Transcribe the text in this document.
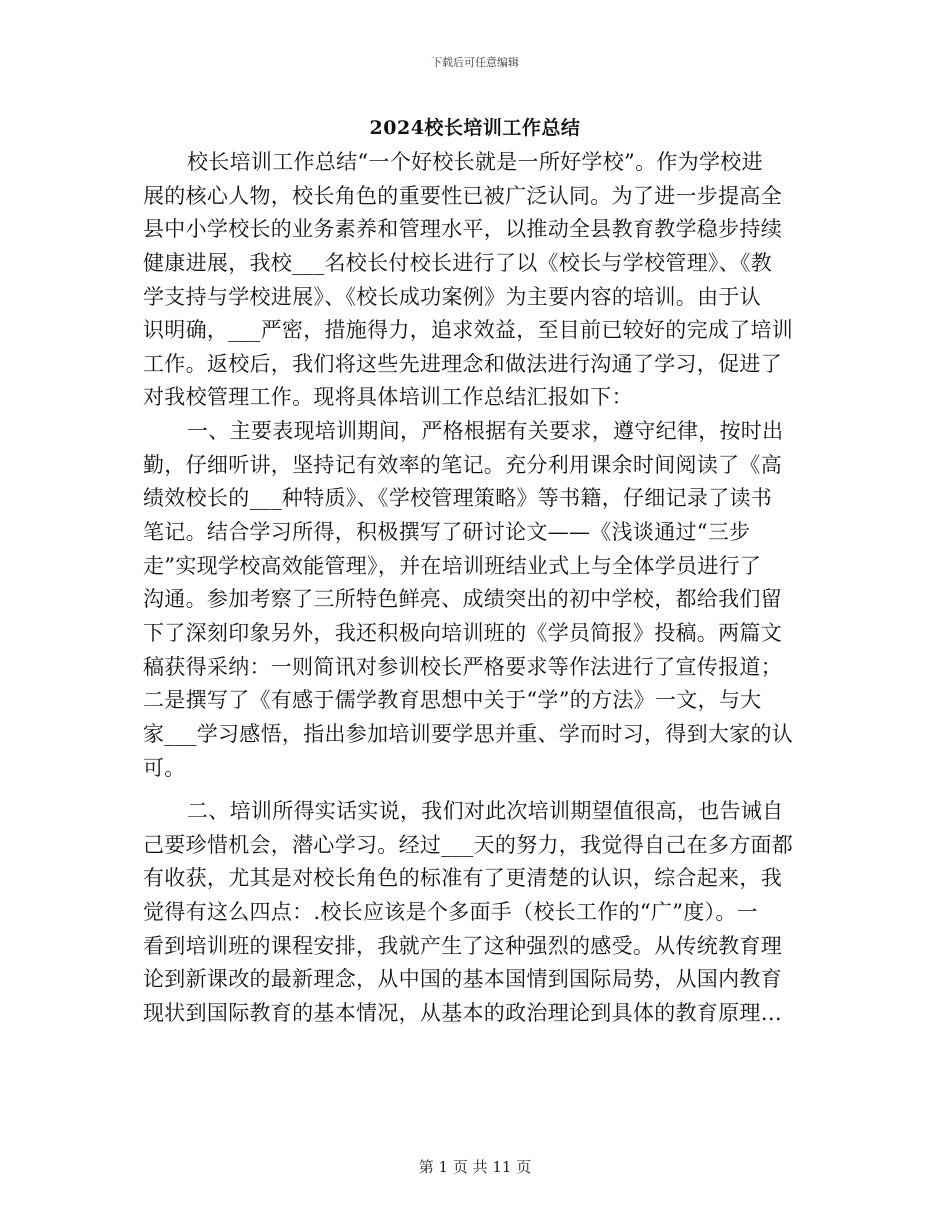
下载后可任意编辑
2024校长培训工作总结
校长培训工作总结“一个好校长就是一所好学校”。作为学校进
展的核心人物，校长角色的重要性已被广泛认同。为了进一步提高全
县中小学校长的业务素养和管理水平，以推动全县教育教学稳步持续
健康进展，我校___名校长付校长进行了以《校长与学校管理》、《教
学支持与学校进展》、《校长成功案例》为主要内容的培训。由于认
识明确，___严密，措施得力，追求效益，至目前已较好的完成了培训
工作。返校后，我们将这些先进理念和做法进行沟通了学习，促进了
对我校管理工作。现将具体培训工作总结汇报如下：
一、主要表现培训期间，严格根据有关要求，遵守纪律，按时出
勤，仔细听讲，坚持记有效率的笔记。充分利用课余时间阅读了《高
绩效校长的___种特质》、《学校管理策略》等书籍，仔细记录了读书
笔记。结合学习所得，积极撰写了研讨论文——《浅谈通过“三步
走”实现学校高效能管理》，并在培训班结业式上与全体学员进行了
沟通。参加考察了三所特色鲜亮、成绩突出的初中学校，都给我们留
下了深刻印象另外，我还积极向培训班的《学员简报》投稿。两篇文
稿获得采纳：一则简讯对参训校长严格要求等作法进行了宣传报道；
二是撰写了《有感于儒学教育思想中关于“学”的方法》一文，与大
家___学习感悟，指出参加培训要学思并重、学而时习，得到大家的认
可。
二、培训所得实话实说，我们对此次培训期望值很高，也告诫自
己要珍惜机会，潜心学习。经过___天的努力，我觉得自己在多方面都
有收获，尤其是对校长角色的标准有了更清楚的认识，综合起来，我
觉得有这么四点：.校长应该是个多面手（校长工作的“广”度）。一
看到培训班的课程安排，我就产生了这种强烈的感受。从传统教育理
论到新课改的最新理念，从中国的基本国情到国际局势，从国内教育
现状到国际教育的基本情况，从基本的政治理论到具体的教育原理…
第 1 页 共 11 页
